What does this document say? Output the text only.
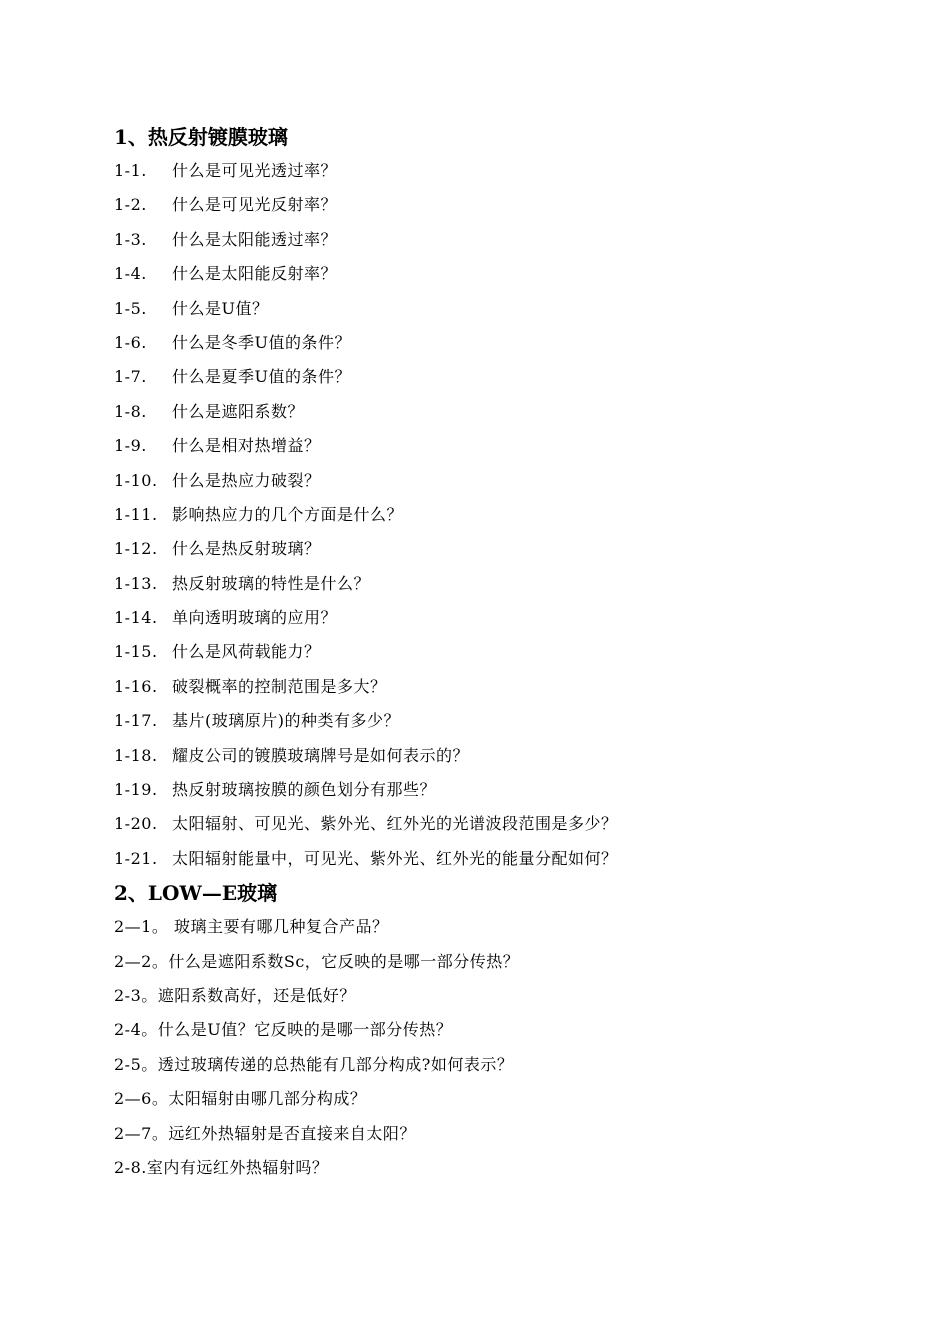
1、热反射镀膜玻璃
1-1. 什么是可见光透过率？
1-2. 什么是可见光反射率？
1-3. 什么是太阳能透过率？
1-4. 什么是太阳能反射率？
1-5. 什么是U值？
1-6. 什么是冬季U值的条件？
1-7. 什么是夏季U值的条件？
1-8. 什么是遮阳系数？
1-9. 什么是相对热增益？
1-10. 什么是热应力破裂？
1-11. 影响热应力的几个方面是什么？
1-12. 什么是热反射玻璃？
1-13. 热反射玻璃的特性是什么？
1-14. 单向透明玻璃的应用？
1-15. 什么是风荷载能力？
1-16. 破裂概率的控制范围是多大？
1-17. 基片(玻璃原片)的种类有多少？
1-18. 耀皮公司的镀膜玻璃牌号是如何表示的？
1-19. 热反射玻璃按膜的颜色划分有那些？
1-20. 太阳辐射、可见光、紫外光、红外光的光谱波段范围是多少？
1-21. 太阳辐射能量中，可见光、紫外光、红外光的能量分配如何？
2、LOW—E玻璃
2—1。 玻璃主要有哪几种复合产品？
2—2。什么是遮阳系数Sc，它反映的是哪一部分传热？
2-3。遮阳系数高好，还是低好？
2-4。什么是U值？它反映的是哪一部分传热？
2-5。透过玻璃传递的总热能有几部分构成?如何表示？
2—6。太阳辐射由哪几部分构成？
2—7。远红外热辐射是否直接来自太阳？
2-8.室内有远红外热辐射吗？
